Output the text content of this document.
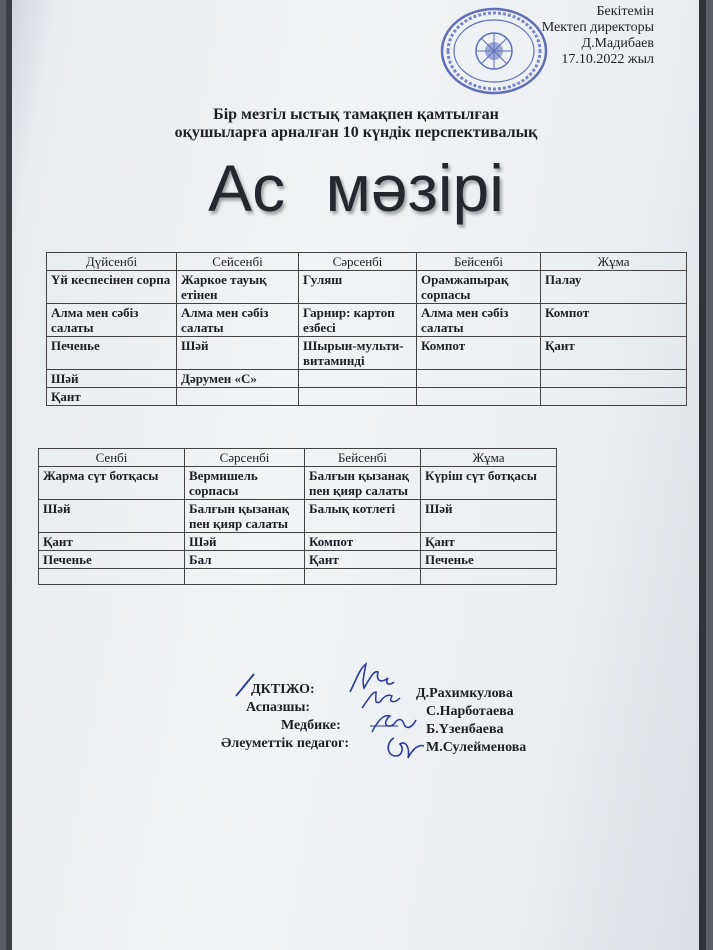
Бекітемін
Мектеп директоры
Д.Мадибаев
17.10.2022 жыл
Бір мезгіл ыстық тамақпен қамтылған
оқушыларға арналған 10 күндік перспективалық
Ас мәзірі
Дүйсенбі	Сейсенбі	Сәрсенбі	Бейсенбі	Жұма
Үй кеспесінен сорпа	Жаркое тауық етінен	Гуляш	Орамжапырақ сорпасы	Палау
Алма мен сәбіз салаты	Алма мен сәбіз салаты	Гарнир: картоп езбесі	Алма мен сәбіз салаты	Компот
Печенье	Шәй	Шырын-мульти-витаминді	Компот	Қант
Шәй	Дәрумен «С»			
Қант				
Сенбі	Сәрсенбі	Бейсенбі	Жұма
Жарма сүт ботқасы	Вермишель сорпасы	Балғын қызанақ пен қияр салаты	Күріш сүт ботқасы
Шәй	Балғын қызанақ пен қияр салаты	Балық котлеті	Шәй
Қант	Шәй	Компот	Қант
Печенье	Бал	Қант	Печенье

ДКТІЖО:	Д.Рахимкулова
Аспазшы:	С.Нарботаева
Медбике:	Б.Үзенбаева
Әлеуметтік педагог:	М.Сулейменова
